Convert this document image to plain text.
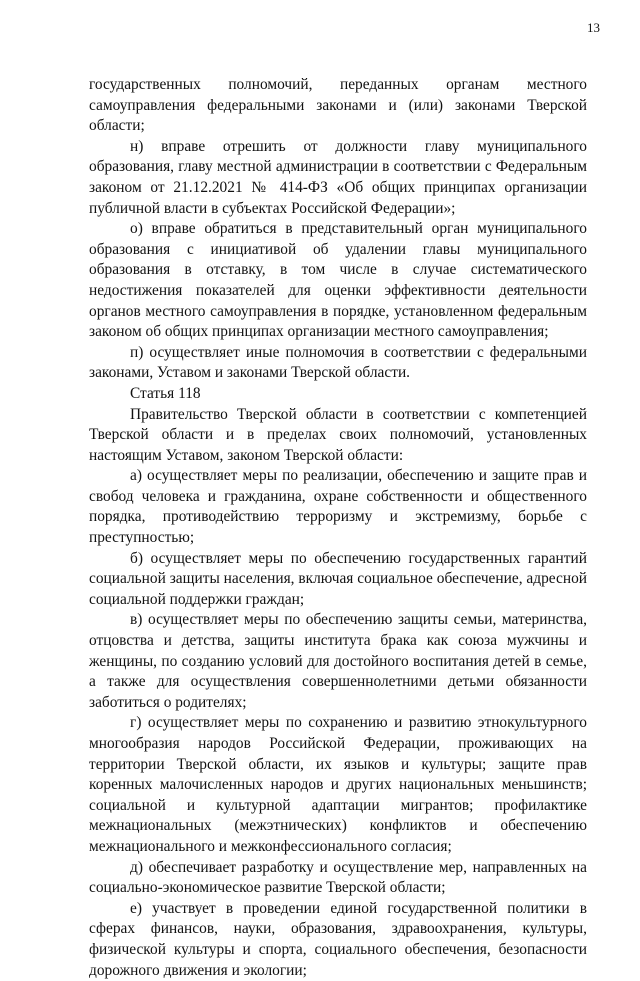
13

государственных полномочий, переданных органам местного самоуправления федеральными законами и (или) законами Тверской области;

н) вправе отрешить от должности главу муниципального образования, главу местной администрации в соответствии с Федеральным законом от 21.12.2021 № 414-ФЗ «Об общих принципах организации публичной власти в субъектах Российской Федерации»;

о) вправе обратиться в представительный орган муниципального образования с инициативой об удалении главы муниципального образования в отставку, в том числе в случае систематического недостижения показателей для оценки эффективности деятельности органов местного самоуправления в порядке, установленном федеральным законом об общих принципах организации местного самоуправления;

п) осуществляет иные полномочия в соответствии с федеральными законами, Уставом и законами Тверской области.

Статья 118

Правительство Тверской области в соответствии с компетенцией Тверской области и в пределах своих полномочий, установленных настоящим Уставом, законом Тверской области:

а) осуществляет меры по реализации, обеспечению и защите прав и свобод человека и гражданина, охране собственности и общественного порядка, противодействию терроризму и экстремизму, борьбе с преступностью;

б) осуществляет меры по обеспечению государственных гарантий социальной защиты населения, включая социальное обеспечение, адресной социальной поддержки граждан;

в) осуществляет меры по обеспечению защиты семьи, материнства, отцовства и детства, защиты института брака как союза мужчины и женщины, по созданию условий для достойного воспитания детей в семье, а также для осуществления совершеннолетними детьми обязанности заботиться о родителях;

г) осуществляет меры по сохранению и развитию этнокультурного многообразия народов Российской Федерации, проживающих на территории Тверской области, их языков и культуры; защите прав коренных малочисленных народов и других национальных меньшинств; социальной и культурной адаптации мигрантов; профилактике межнациональных (межэтнических) конфликтов и обеспечению межнационального и межконфессионального согласия;

д) обеспечивает разработку и осуществление мер, направленных на социально-экономическое развитие Тверской области;

е) участвует в проведении единой государственной политики в сферах финансов, науки, образования, здравоохранения, культуры, физической культуры и спорта, социального обеспечения, безопасности дорожного движения и экологии;
